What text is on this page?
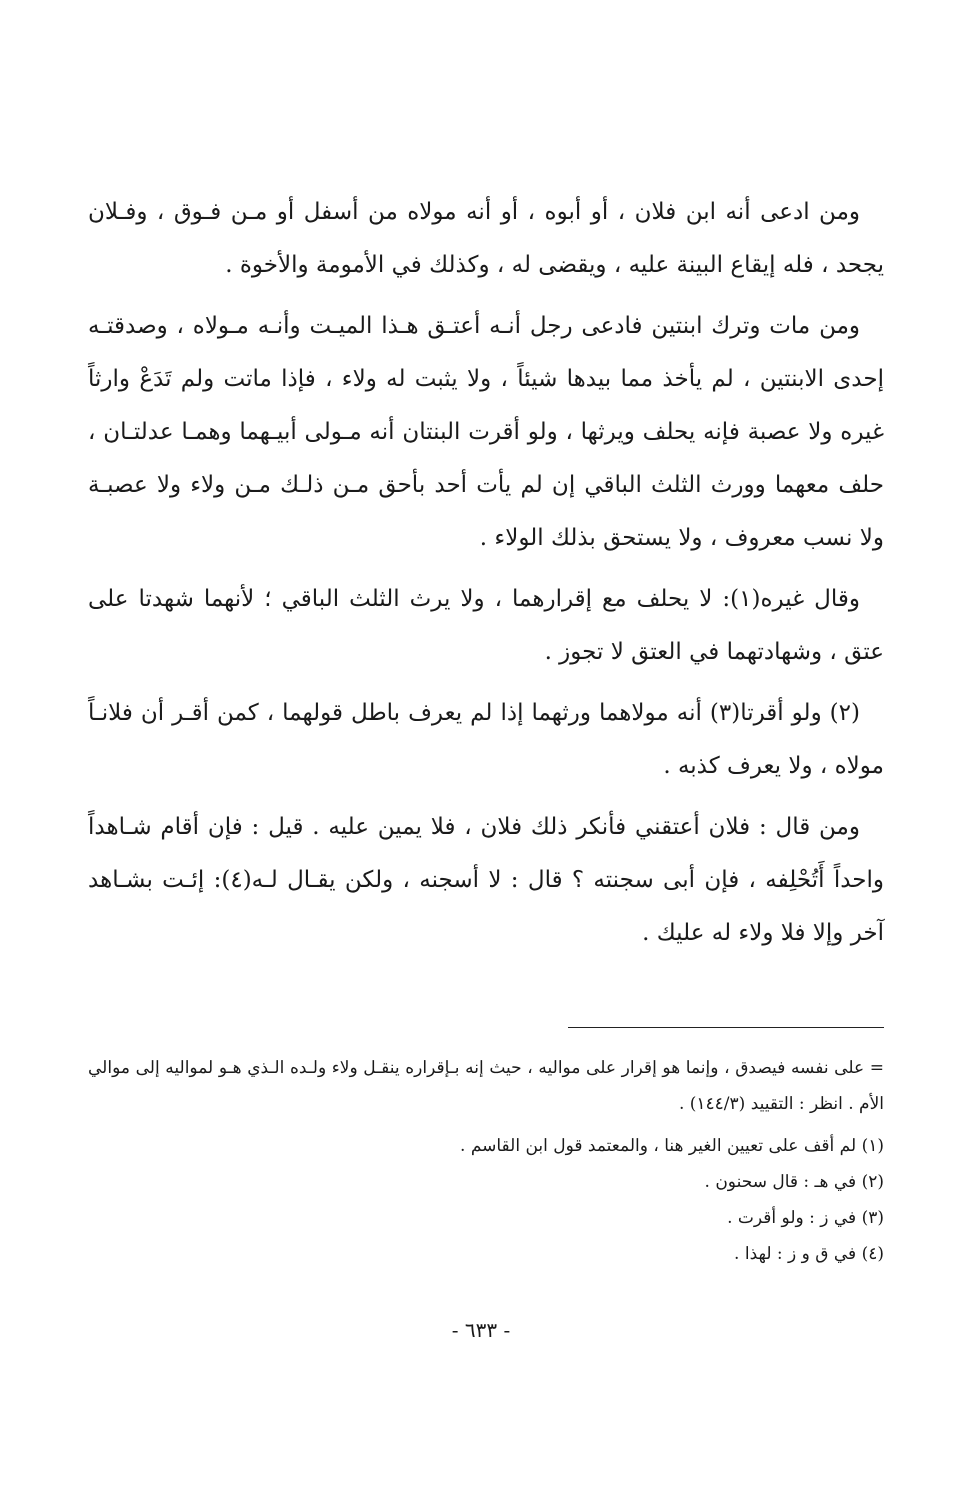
ومن ادعى أنه ابن فلان ، أو أبوه ، أو أنه مولاه من أسفل أو مـن فـوق ، وفـلان يجحد ، فله إيقاع البينة عليه ، ويقضى له ، وكذلك في الأمومة والأخوة .

ومن مات وترك ابنتين فادعى رجل أنـه أعتـق هـذا الميـت وأنـه مـولاه ، وصدقتـه إحدى الابنتين ، لم يأخذ مما بيدها شيئاً ، ولا يثبت له ولاء ، فإذا ماتت ولم تَدَعْ وارثاً غيره ولا عصبة فإنه يحلف ويرثها ، ولو أقرت البنتان أنه مـولى أبيـهما وهمـا عدلتـان ، حلف معهما وورث الثلث الباقي إن لم يأت أحد بأحق مـن ذلـك مـن ولاء ولا عصبـة ولا نسب معروف ، ولا يستحق بذلك الولاء .

وقال غيره(١): لا يحلف مع إقرارهما ، ولا يرث الثلث الباقي ؛ لأنهما شهدتا على عتق ، وشهادتهما في العتق لا تجوز .

(٢) ولو أقرتا(٣) أنه مولاهما ورثهما إذا لم يعرف باطل قولهما ، كمن أقـر أن فلانـاً مولاه ، ولا يعرف كذبه .

ومن قال : فلان أعتقني فأنكر ذلك فلان ، فلا يمين عليه . قيل : فإن أقام شـاهداً واحداً أَتُحْلِفه ، فإن أبى سجنته ؟ قال : لا أسجنه ، ولكن يقـال لـه(٤): إئـت بشـاهد آخر وإلا فلا ولاء له عليك .

= على نفسه فيصدق ، وإنما هو إقرار على مواليه ، حيث إنه بـإقراره ينقـل ولاء ولـده الـذي هـو لمواليه إلى موالي الأم . انظر : التقييد (١٤٤/٣) .

(١) لم أقف على تعيين الغير هنا ، والمعتمد قول ابن القاسم .

(٢) في هـ : قال سحنون .

(٣) في ز : ولو أقرت .

(٤) في ق و ز : لهذا .

- ٦٣٣ -
